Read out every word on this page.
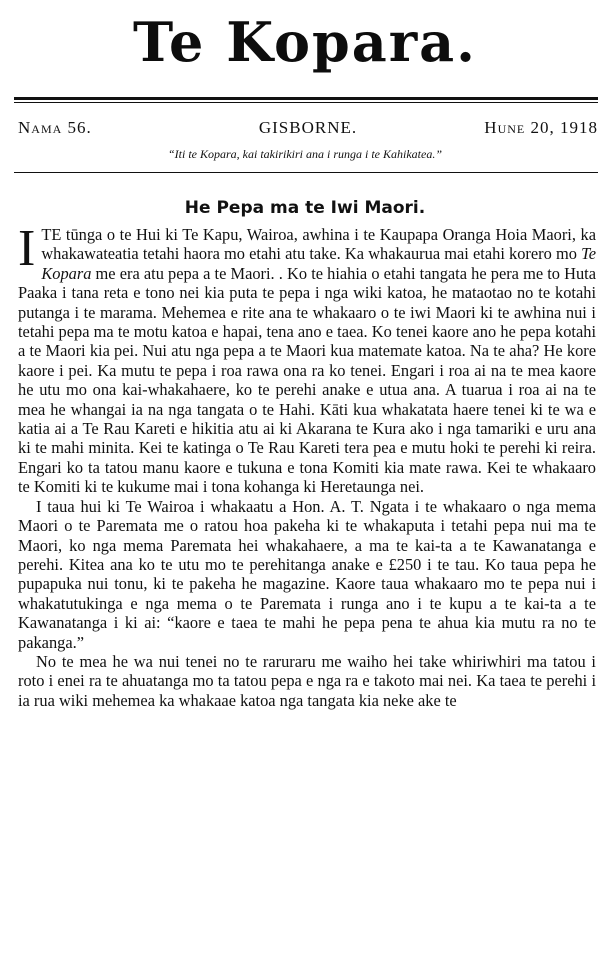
Te Kopara.
Nama 56.	GISBORNE.	Hune 20, 1918
“Iti te Kopara, kai takirikiri ana i runga i te Kahikatea.”
He Pepa ma te Iwi Maori.

ITE tūnga o te Hui ki Te Kapu, Wairoa, awhina i te Kaupapa Oranga Hoia Maori, ka whakawateatia tetahi haora mo etahi atu take. Ka whakaurua mai etahi korero mo Te Kopara me era atu pepa a te Maori. . Ko te hiahia o etahi tangata he pera me to Huta Paaka i tana reta e tono nei kia puta te pepa i nga wiki katoa, he mataotao no te kotahi putanga i te marama. Mehemea e rite ana te whakaaro o te iwi Maori ki te awhina nui i tetahi pepa ma te motu katoa e hapai, tena ano e taea. Ko tenei kaore ano he pepa kotahi a te Maori kia pei. Nui atu nga pepa a te Maori kua matemate katoa. Na te aha? He kore kaore i pei. Ka mutu te pepa i roa rawa ona ra ko tenei. Engari i roa ai na te mea kaore he utu mo ona kai-whakahaere, ko te perehi anake e utua ana. A tuarua i roa ai na te mea he whangai ia na nga tangata o te Hahi. Kāti kua whakatata haere tenei ki te wa e katia ai a Te Rau Kareti e hikitia atu ai ki Akarana te Kura ako i nga tamariki e uru ana ki te mahi minita. Kei te katinga o Te Rau Kareti tera pea e mutu hoki te perehi ki reira. Engari ko ta tatou manu kaore e tukuna e tona Komiti kia mate rawa. Kei te whakaaro te Komiti ki te kukume mai i tona kohanga ki Heretaunga nei.

I taua hui ki Te Wairoa i whakaatu a Hon. A. T. Ngata i te whakaaro o nga mema Maori o te Paremata me o ratou hoa pakeha ki te whakaputa i tetahi pepa nui ma te Maori, ko nga mema Paremata hei whakahaere, a ma te kai-ta a te Kawanatanga e perehi. Kitea ana ko te utu mo te perehitanga anake e £250 i te tau. Ko taua pepa he pupapuka nui tonu, ki te pakeha he magazine. Kaore taua whakaaro mo te pepa nui i whakatutukinga e nga mema o te Paremata i runga ano i te kupu a te kai-ta a te Kawanatanga i ki ai: “kaore e taea te mahi he pepa pena te ahua kia mutu ra no te pakanga.”

No te mea he wa nui tenei no te raruraru me waiho hei take whiriwhiri ma tatou i roto i enei ra te ahuatanga mo ta tatou pepa e nga ra e takoto mai nei. Ka taea te perehi i ia rua wiki mehemea ka whakaae katoa nga tangata kia neke ake te
